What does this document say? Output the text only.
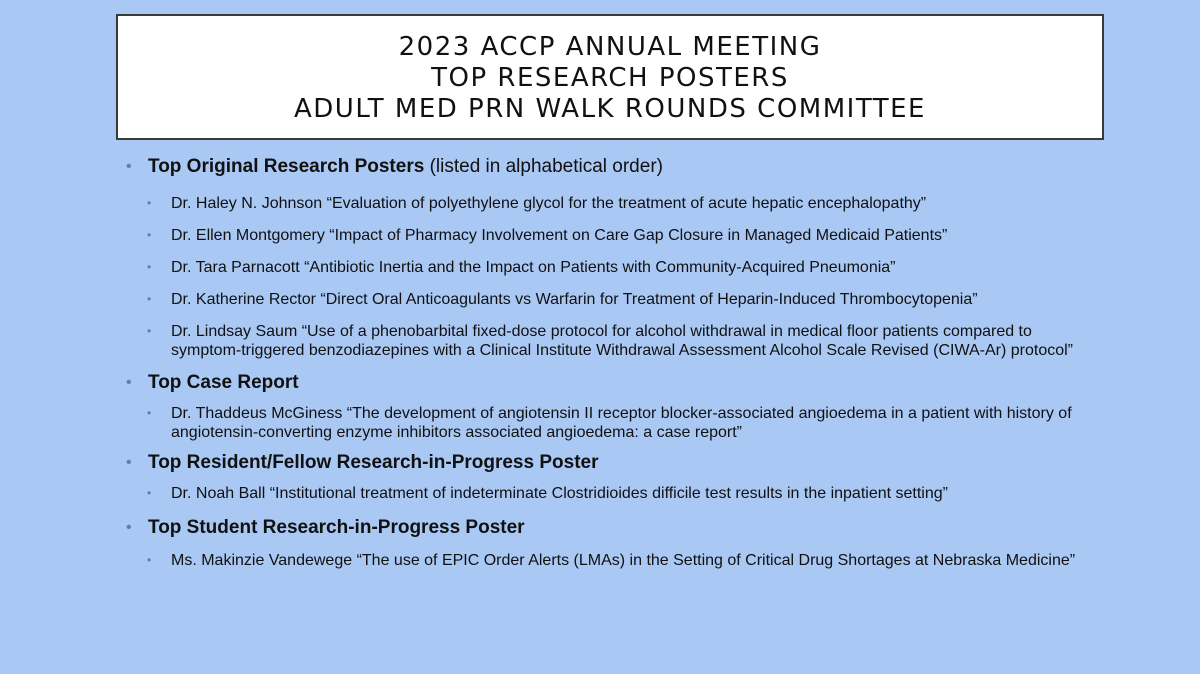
2023 ACCP ANNUAL MEETING
TOP RESEARCH POSTERS
ADULT MED PRN WALK ROUNDS COMMITTEE
• Top Original Research Posters (listed in alphabetical order)
• Dr. Haley N. Johnson “Evaluation of polyethylene glycol for the treatment of acute hepatic encephalopathy”
• Dr. Ellen Montgomery “Impact of Pharmacy Involvement on Care Gap Closure in Managed Medicaid Patients”
• Dr. Tara Parnacott “Antibiotic Inertia and the Impact on Patients with Community-Acquired Pneumonia”
• Dr. Katherine Rector “Direct Oral Anticoagulants vs Warfarin for Treatment of Heparin-Induced Thrombocytopenia”
• Dr. Lindsay Saum “Use of a phenobarbital fixed-dose protocol for alcohol withdrawal in medical floor patients compared to symptom-triggered benzodiazepines with a Clinical Institute Withdrawal Assessment Alcohol Scale Revised (CIWA-Ar) protocol”
• Top Case Report
• Dr. Thaddeus McGiness “The development of angiotensin II receptor blocker-associated angioedema in a patient with history of angiotensin-converting enzyme inhibitors associated angioedema: a case report”
• Top Resident/Fellow Research-in-Progress Poster
• Dr. Noah Ball “Institutional treatment of indeterminate Clostridioides difficile test results in the inpatient setting”
• Top Student Research-in-Progress Poster
• Ms. Makinzie Vandewege “The use of EPIC Order Alerts (LMAs) in the Setting of Critical Drug Shortages at Nebraska Medicine”
